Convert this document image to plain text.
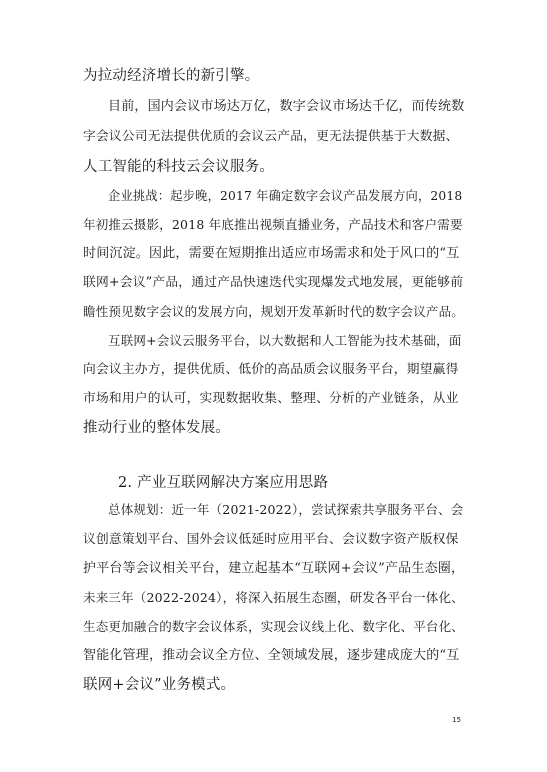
为拉动经济增长的新引擎。
目前，国内会议市场达万亿，数字会议市场达千亿，而传统数
字会议公司无法提供优质的会议云产品，更无法提供基于大数据、
人工智能的科技云会议服务。
企业挑战：起步晚，2017 年确定数字会议产品发展方向，2018
年初推云摄影，2018 年底推出视频直播业务，产品技术和客户需要
时间沉淀。因此，需要在短期推出适应市场需求和处于风口的“互
联网+会议”产品，通过产品快速迭代实现爆发式地发展，更能够前
瞻性预见数字会议的发展方向，规划开发革新时代的数字会议产品。
互联网+会议云服务平台，以大数据和人工智能为技术基础，面
向会议主办方，提供优质、低价的高品质会议服务平台，期望赢得
市场和用户的认可，实现数据收集、整理、分析的产业链条，从业
推动行业的整体发展。
2. 产业互联网解决方案应用思路
总体规划：近一年（2021-2022），尝试探索共享服务平台、会
议创意策划平台、国外会议低延时应用平台、会议数字资产版权保
护平台等会议相关平台，建立起基本“互联网+会议”产品生态圈，
未来三年（2022-2024），将深入拓展生态圈，研发各平台一体化、
生态更加融合的数字会议体系，实现会议线上化、数字化、平台化、
智能化管理，推动会议全方位、全领域发展，逐步建成庞大的“互
联网+会议”业务模式。
15
